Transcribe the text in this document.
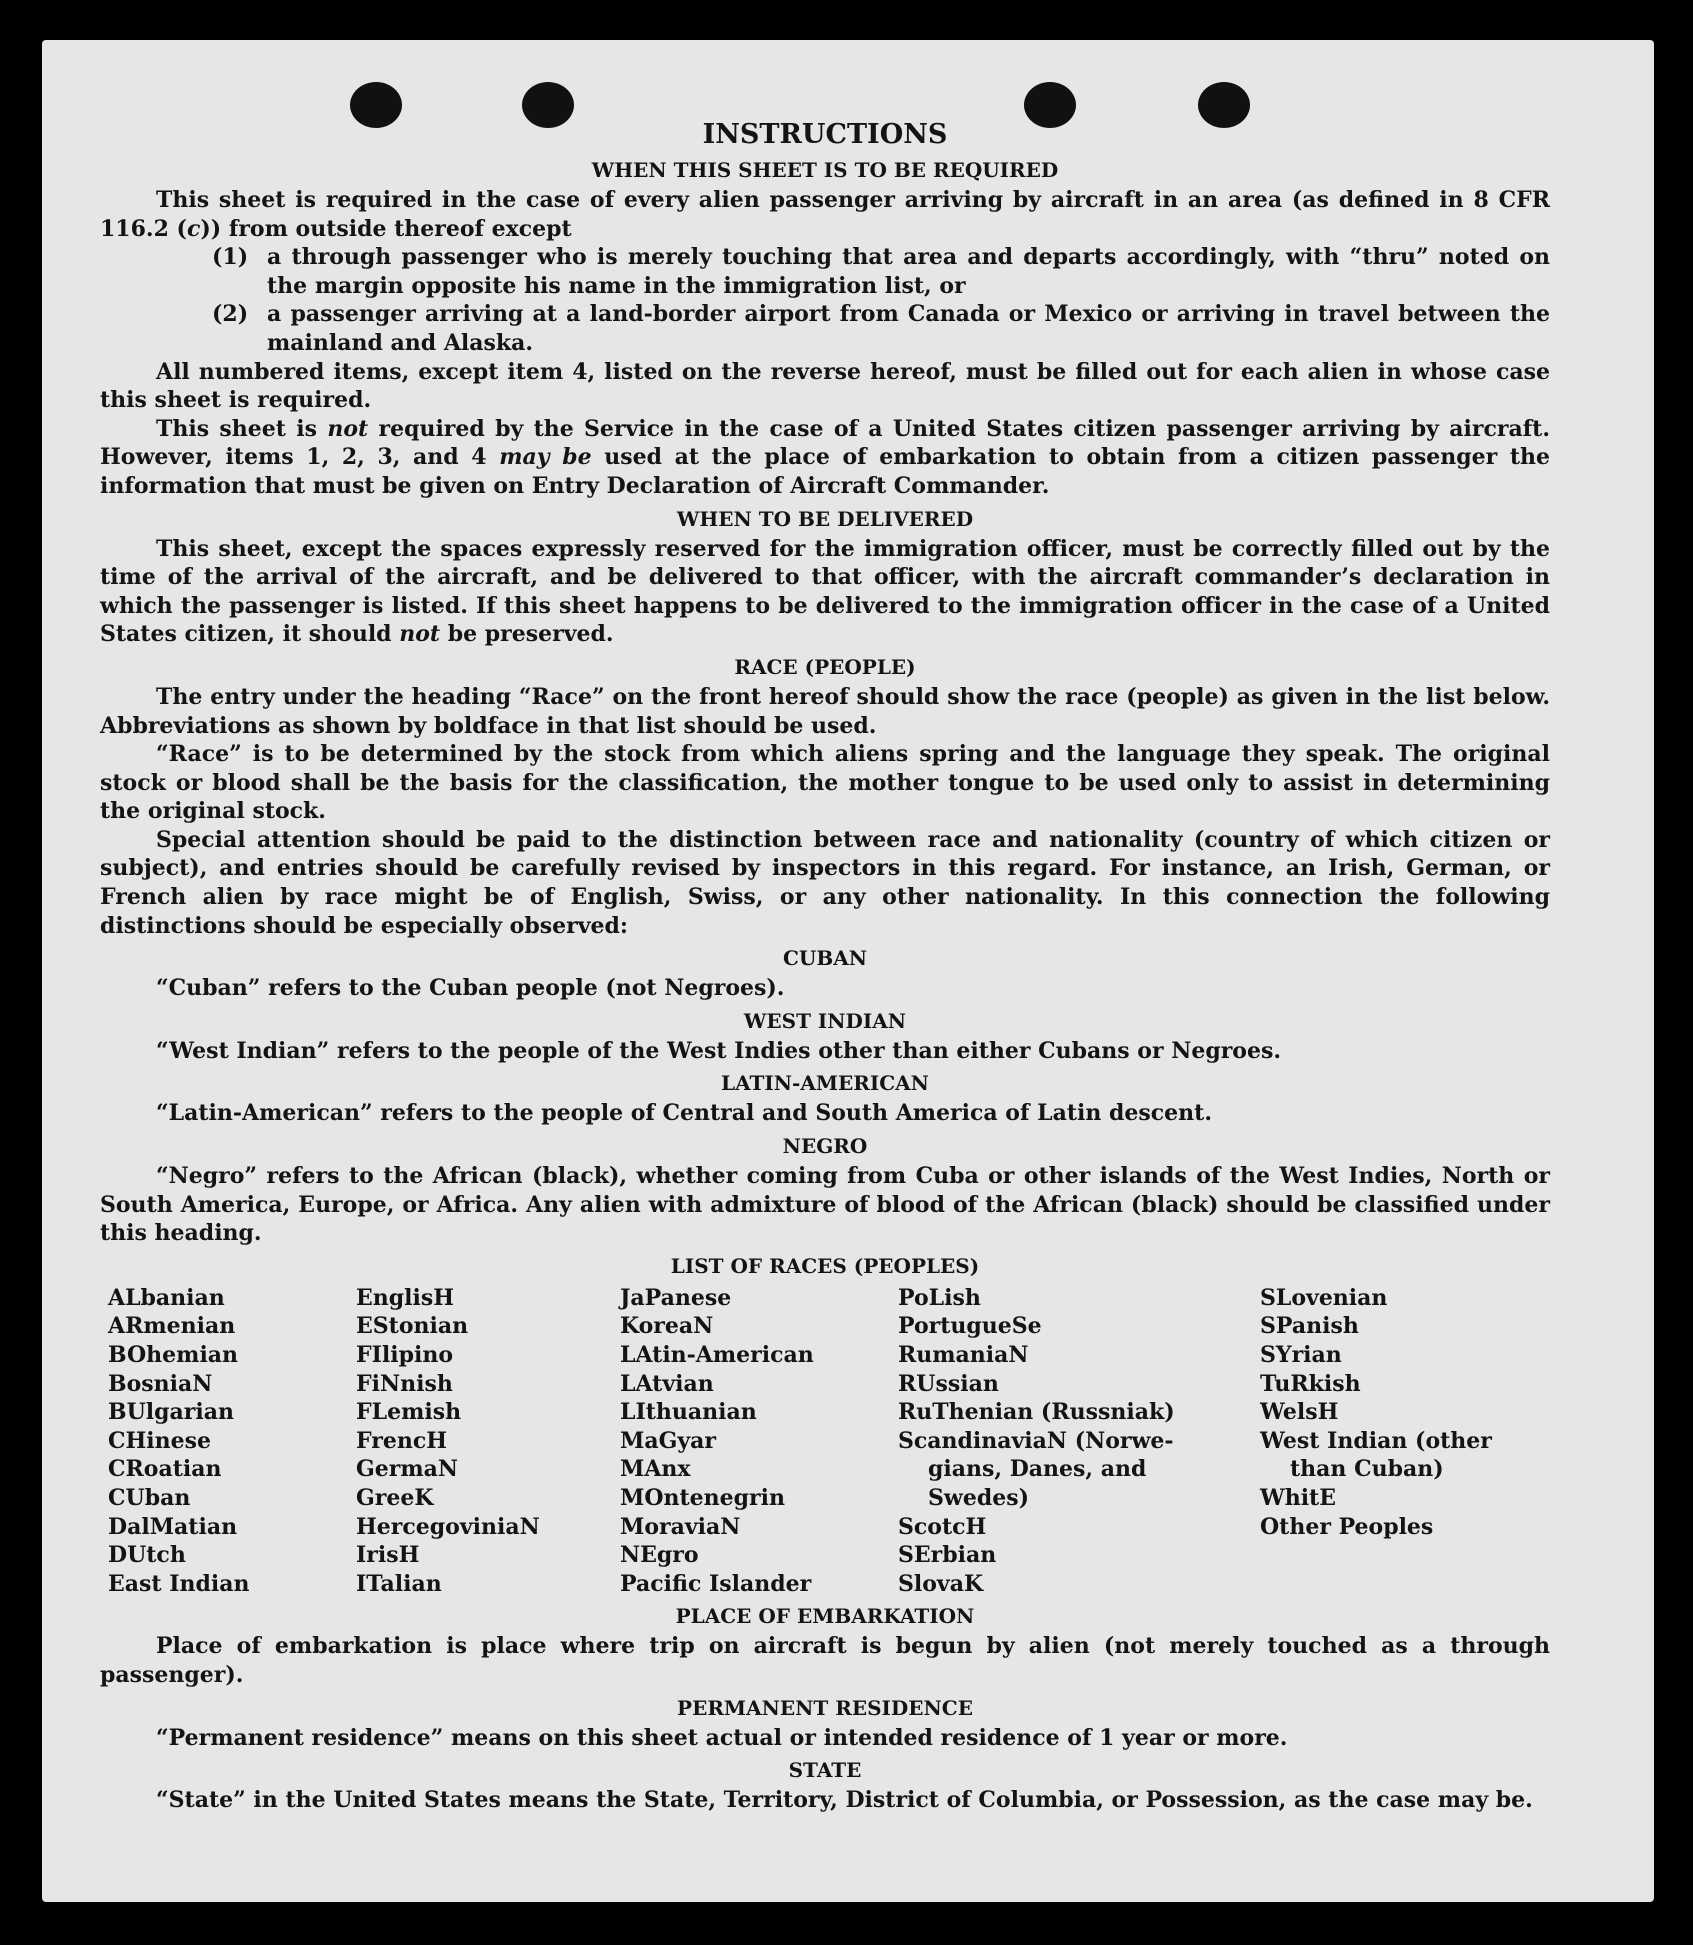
INSTRUCTIONS
WHEN THIS SHEET IS TO BE REQUIRED

This sheet is required in the case of every alien passenger arriving by aircraft in an area (as defined in 8 CFR 116.2 (c)) from outside thereof except

(1) a through passenger who is merely touching that area and departs accordingly, with “thru” noted on the margin opposite his name in the immigration list, or
(2) a passenger arriving at a land-border airport from Canada or Mexico or arriving in travel between the mainland and Alaska.

All numbered items, except item 4, listed on the reverse hereof, must be filled out for each alien in whose case this sheet is required.

This sheet is not required by the Service in the case of a United States citizen passenger arriving by aircraft. However, items 1, 2, 3, and 4 may be used at the place of embarkation to obtain from a citizen passenger the information that must be given on Entry Declaration of Aircraft Commander.

WHEN TO BE DELIVERED

This sheet, except the spaces expressly reserved for the immigration officer, must be correctly filled out by the time of the arrival of the aircraft, and be delivered to that officer, with the aircraft commander’s declaration in which the passenger is listed. If this sheet happens to be delivered to the immigration officer in the case of a United States citizen, it should not be preserved.

RACE (PEOPLE)

The entry under the heading “Race” on the front hereof should show the race (people) as given in the list below. Abbreviations as shown by boldface in that list should be used.

“Race” is to be determined by the stock from which aliens spring and the language they speak. The original stock or blood shall be the basis for the classification, the mother tongue to be used only to assist in determining the original stock.

Special attention should be paid to the distinction between race and nationality (country of which citizen or subject), and entries should be carefully revised by inspectors in this regard. For instance, an Irish, German, or French alien by race might be of English, Swiss, or any other nationality. In this connection the following distinctions should be especially observed:

CUBAN
“Cuban” refers to the Cuban people (not Negroes).
WEST INDIAN
“West Indian” refers to the people of the West Indies other than either Cubans or Negroes.
LATIN-AMERICAN
“Latin-American” refers to the people of Central and South America of Latin descent.
NEGRO

“Negro” refers to the African (black), whether coming from Cuba or other islands of the West Indies, North or South America, Europe, or Africa. Any alien with admixture of blood of the African (black) should be classified under this heading.

LIST OF RACES (PEOPLES)
ALbanian
ARmenian
BOhemian
BosniaN
BUlgarian
CHinese
CRoatian
CUban
DalMatian
DUtch
East Indian
EnglisH
EStonian
FIlipino
FiNnish
FLemish
FrencH
GermaN
GreeK
HercegoviniaN
IrisH
ITalian
JaPanese
KoreaN
LAtin-American
LAtvian
LIthuanian
MaGyar
MAnx
MOntenegrin
MoraviaN
NEgro
Pacific Islander
PoLish
PortugueSe
RumaniaN
RUssian
RuThenian (Russniak)
ScandinaviaN (Norwe-
gians, Danes, and
Swedes)
ScotcH
SErbian
SlovaK
SLovenian
SPanish
SYrian
TuRkish
WelsH
West Indian (other
than Cuban)
WhitE
Other Peoples
PLACE OF EMBARKATION

Place of embarkation is place where trip on aircraft is begun by alien (not merely touched as a through passenger).

PERMANENT RESIDENCE
“Permanent residence” means on this sheet actual or intended residence of 1 year or more.
STATE

“State” in the United States means the State, Territory, District of Columbia, or Possession, as the case may be.
